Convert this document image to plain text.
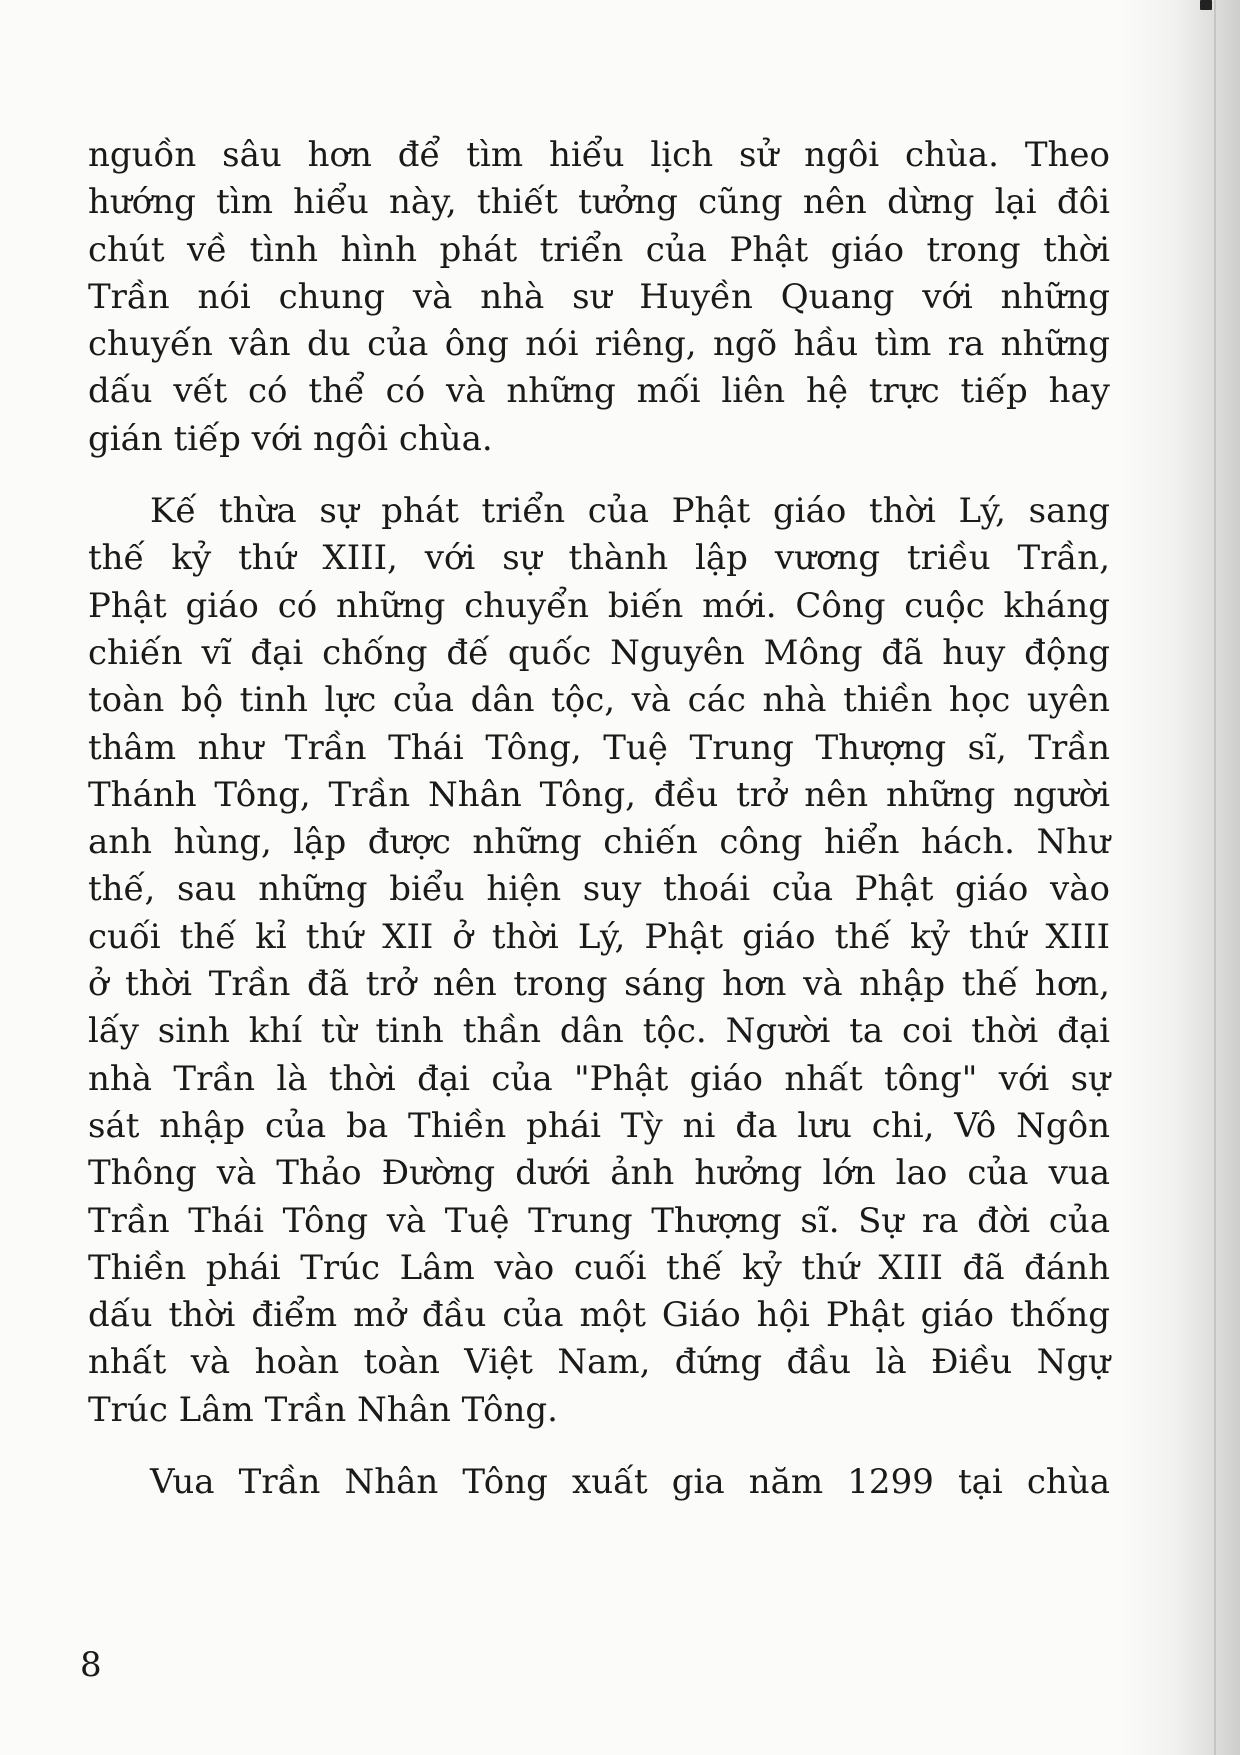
nguồn sâu hơn để tìm hiểu lịch sử ngôi chùa. Theo
hướng tìm hiểu này, thiết tưởng cũng nên dừng lại đôi
chút về tình hình phát triển của Phật giáo trong thời
Trần nói chung và nhà sư Huyền Quang với những
chuyến vân du của ông nói riêng, ngõ hầu tìm ra những
dấu vết có thể có và những mối liên hệ trực tiếp hay
gián tiếp với ngôi chùa.

Kế thừa sự phát triển của Phật giáo thời Lý, sang
thế kỷ thứ XIII, với sự thành lập vương triều Trần,
Phật giáo có những chuyển biến mới. Công cuộc kháng
chiến vĩ đại chống đế quốc Nguyên Mông đã huy động
toàn bộ tinh lực của dân tộc, và các nhà thiền học uyên
thâm như Trần Thái Tông, Tuệ Trung Thượng sĩ, Trần
Thánh Tông, Trần Nhân Tông, đều trở nên những người
anh hùng, lập được những chiến công hiển hách. Như
thế, sau những biểu hiện suy thoái của Phật giáo vào
cuối thế kỉ thứ XII ở thời Lý, Phật giáo thế kỷ thứ XIII
ở thời Trần đã trở nên trong sáng hơn và nhập thế hơn,
lấy sinh khí từ tinh thần dân tộc. Người ta coi thời đại
nhà Trần là thời đại của "Phật giáo nhất tông" với sự
sát nhập của ba Thiền phái Tỳ ni đa lưu chi, Vô Ngôn
Thông và Thảo Đường dưới ảnh hưởng lớn lao của vua
Trần Thái Tông và Tuệ Trung Thượng sĩ. Sự ra đời của
Thiền phái Trúc Lâm vào cuối thế kỷ thứ XIII đã đánh
dấu thời điểm mở đầu của một Giáo hội Phật giáo thống
nhất và hoàn toàn Việt Nam, đứng đầu là Điều Ngự
Trúc Lâm Trần Nhân Tông.

Vua Trần Nhân Tông xuất gia năm 1299 tại chùa

8
